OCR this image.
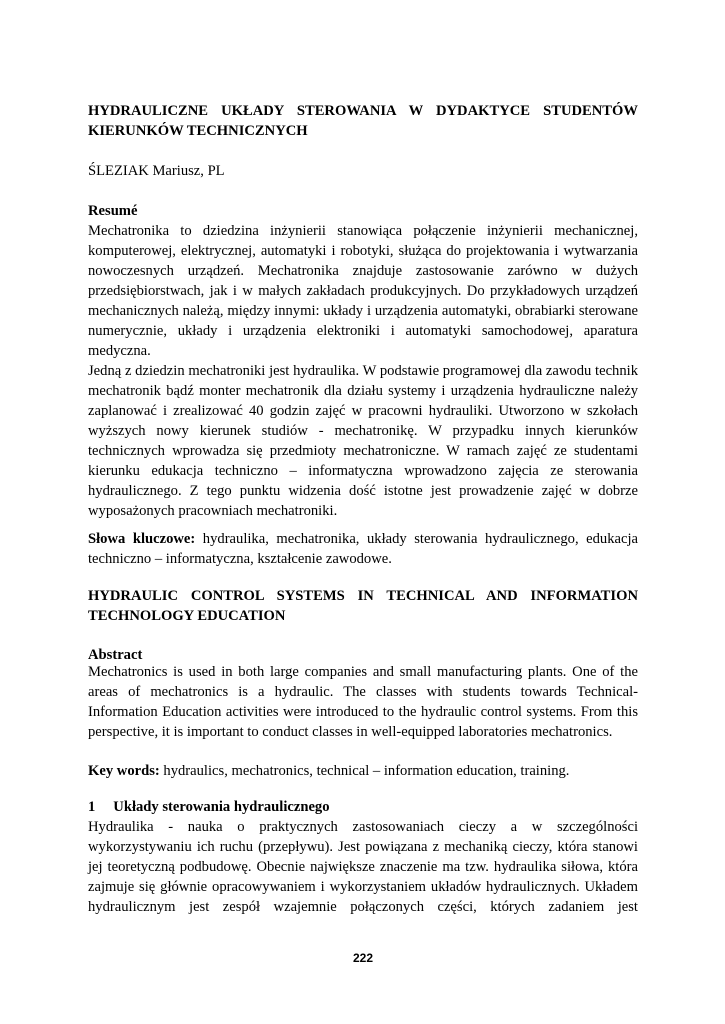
HYDRAULICZNE UKŁADY STEROWANIA W DYDAKTYCE STUDENTÓW
KIERUNKÓW TECHNICZNYCH
ŚLEZIAK Mariusz, PL
Resumé
Mechatronika to dziedzina inżynierii stanowiąca połączenie inżynierii mechanicznej,
komputerowej, elektrycznej, automatyki i robotyki, służąca do projektowania i wytwarzania
nowoczesnych urządzeń. Mechatronika znajduje zastosowanie zarówno w dużych
przedsiębiorstwach, jak i w małych zakładach produkcyjnych. Do przykładowych urządzeń
mechanicznych należą, między innymi: układy i urządzenia automatyki, obrabiarki sterowane
numerycznie, układy i urządzenia elektroniki i automatyki samochodowej, aparatura
medyczna.
Jedną z dziedzin mechatroniki jest hydraulika. W podstawie programowej dla zawodu technik
mechatronik bądź monter mechatronik dla działu systemy i urządzenia hydrauliczne należy
zaplanować i zrealizować 40 godzin zajęć w pracowni hydrauliki. Utworzono w szkołach
wyższych nowy kierunek studiów - mechatronikę. W przypadku innych kierunków
technicznych wprowadza się przedmioty mechatroniczne. W ramach zajęć ze studentami
kierunku edukacja techniczno – informatyczna wprowadzono zajęcia ze sterowania
hydraulicznego. Z tego punktu widzenia dość istotne jest prowadzenie zajęć w dobrze
wyposażonych pracowniach mechatroniki.
Słowa kluczowe: hydraulika, mechatronika, układy sterowania hydraulicznego, edukacja
techniczno – informatyczna, kształcenie zawodowe.
HYDRAULIC CONTROL SYSTEMS IN TECHNICAL AND INFORMATION
TECHNOLOGY EDUCATION
Abstract
Mechatronics is used in both large companies and small manufacturing plants. One of the
areas of mechatronics is a hydraulic. The classes with students towards Technical-
Information Education activities were introduced to the hydraulic control systems. From this
perspective, it is important to conduct classes in well-equipped laboratories mechatronics.
Key words: hydraulics, mechatronics, technical – information education, training.
1 Układy sterowania hydraulicznego
Hydraulika - nauka o praktycznych zastosowaniach cieczy a w szczególności
wykorzystywaniu ich ruchu (przepływu). Jest powiązana z mechaniką cieczy, która stanowi
jej teoretyczną podbudowę. Obecnie największe znaczenie ma tzw. hydraulika siłowa, która
zajmuje się głównie opracowywaniem i wykorzystaniem układów hydraulicznych. Układem
hydraulicznym jest zespół wzajemnie połączonych części, których zadaniem jest
222
